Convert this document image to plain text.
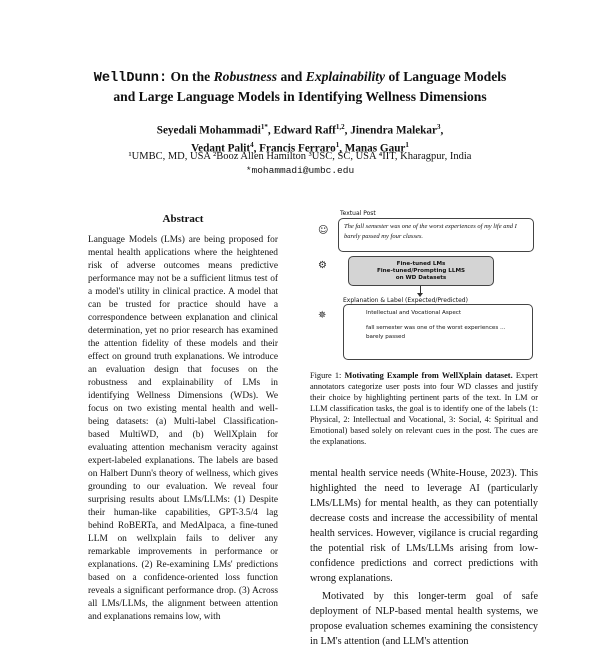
WellDunn: On the Robustness and Explainability of Language Models
and Large Language Models in Identifying Wellness Dimensions
Seyedali Mohammadi$^{1*}$, Edward Raff$^{1,2}$, Jinendra Malekar$^3$,
Vedant Palit$^4$, Francis Ferraro$^1$, Manas Gaur$^1$
¹UMBC, MD, USA ²Booz Allen Hamilton ³USC, SC, USA ⁴IIT, Kharagpur, India
*mohammadi@umbc.edu
Abstract
Language Models (LMs) are being proposed for mental health applications where the heightened risk of adverse outcomes means predictive performance may not be a sufficient litmus test of a model's utility in clinical practice. A model that can be trusted for practice should have a correspondence between explanation and clinical determination, yet no prior research has examined the attention fidelity of these models and their effect on ground truth explanations. We introduce an evaluation design that focuses on the robustness and explainability of LMs in identifying Wellness Dimensions (WDs). We focus on two existing mental health and well-being datasets: (a) Multi-label Classification-based MultiWD, and (b) WellXplain for evaluating attention mechanism veracity against expert-labeled explanations. The labels are based on Halbert Dunn's theory of wellness, which gives grounding to our evaluation. We reveal four surprising results about LMs/LLMs: (1) Despite their human-like capabilities, GPT-3.5/4 lag behind RoBERTa, and MedAlpaca, a fine-tuned LLM on wellxplain fails to deliver any remarkable improvements in performance or explanations. (2) Re-examining LMs' predictions based on a confidence-oriented loss function reveals a significant performance drop. (3) Across all LMs/LLMs, the alignment between attention and explanations remains low, with
Textual Post
☺	The fall semester was one of the worst experiences of my life and I barely passed my four classes.
⚙	Fine-tuned LMs
Fine-tuned/Prompting LLMS
on WD Datasets
Explanation & Label (Expected/Predicted)
✵	Intellectual and Vocational Aspect
fall semester was one of the worst experiences … barely passed
Figure 1: Motivating Example from WellXplain dataset. Expert annotators categorize user posts into four WD classes and justify their choice by highlighting pertinent parts of the text. In LM or LLM classification tasks, the goal is to identify one of the labels (1: Physical, 2: Intellectual and Vocational, 3: Social, 4: Spiritual and Emotional) based solely on relevant cues in the post. The cues are the explanations.

mental health service needs (White-House, 2023). This highlighted the need to leverage AI (particularly LMs/LLMs) for mental health, as they can potentially decrease costs and increase the accessibility of mental health services. However, vigilance is crucial regarding the potential risk of LMs/LLMs arising from low-confidence predictions and correct predictions with wrong explanations.

Motivated by this longer-term goal of safe deployment of NLP-based mental health systems, we propose evaluation schemes examining the consistency in LM's attention (and LLM's attention
